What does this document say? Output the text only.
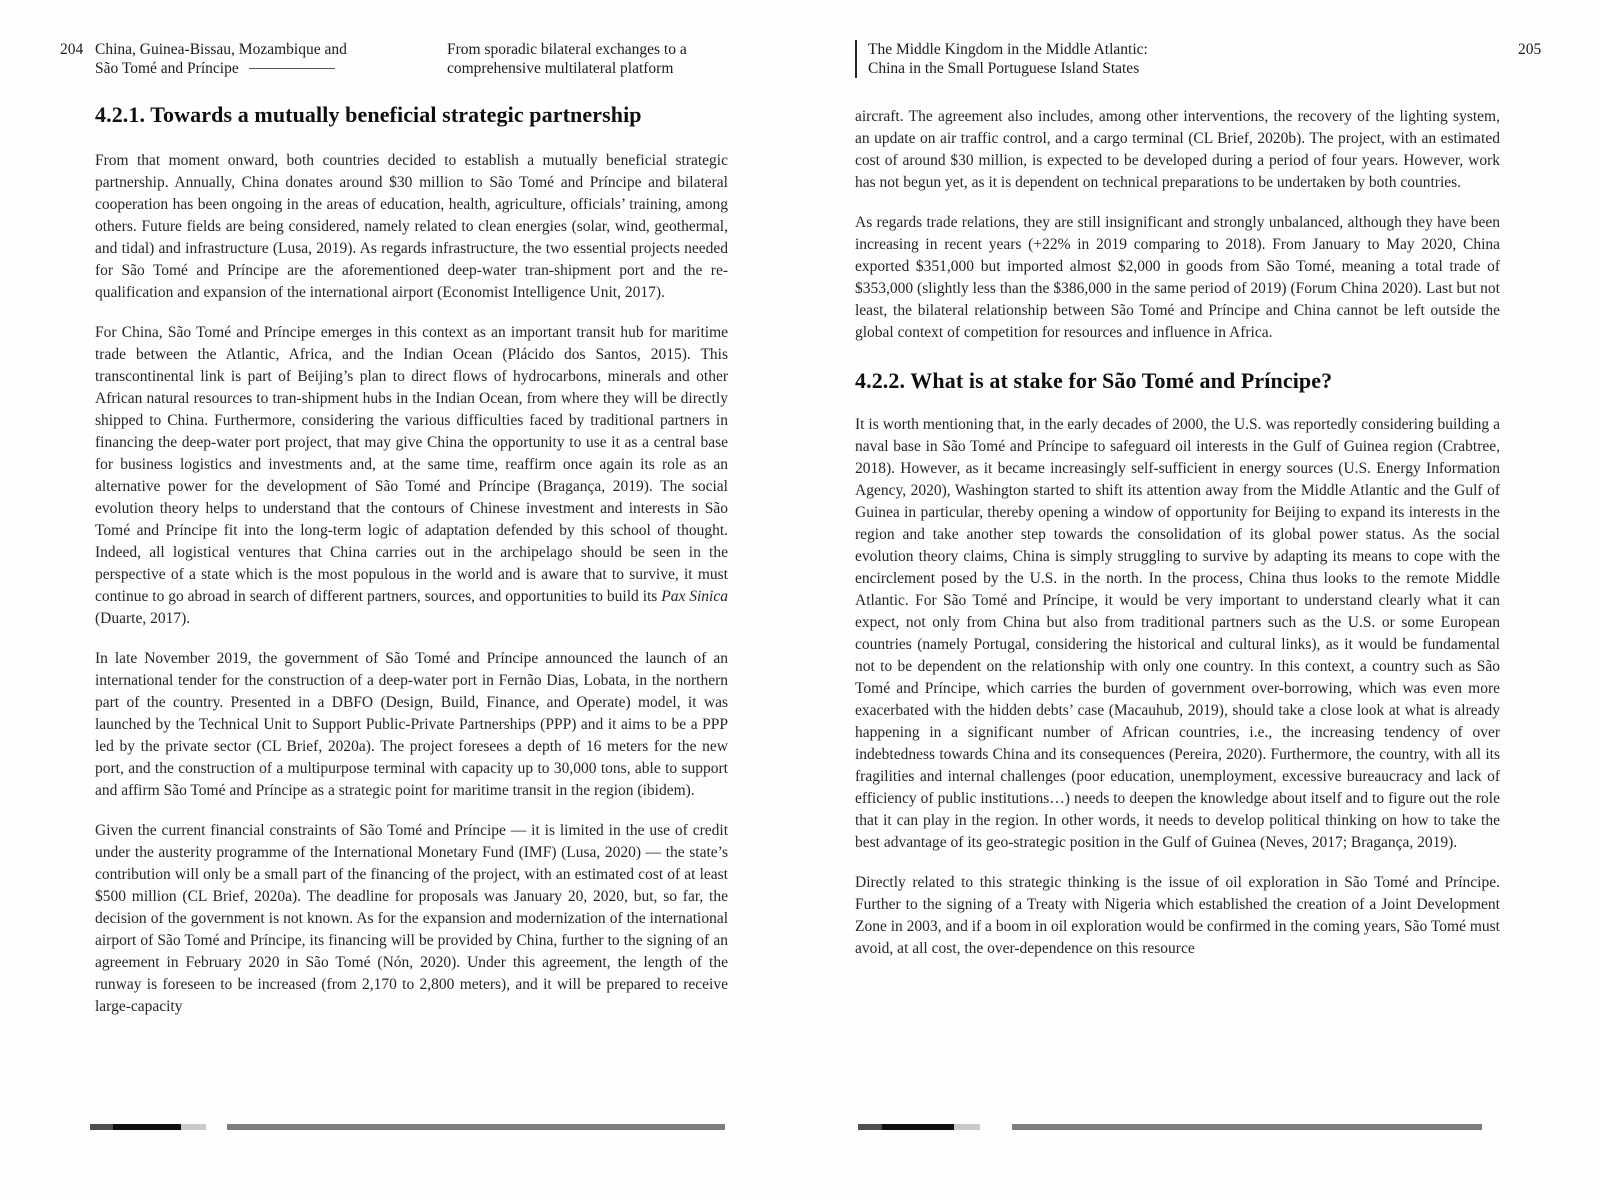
204 China, Guinea-Bissau, Mozambique and
São Tomé and Príncipe
From sporadic bilateral exchanges to a
comprehensive multilateral platform
4.2.1. Towards a mutually beneficial strategic partnership

From that moment onward, both countries decided to establish a mutually beneficial strategic partnership. Annually, China donates around $30 million to São Tomé and Príncipe and bilateral cooperation has been ongoing in the areas of education, health, agriculture, officials’ training, among others. Future fields are being considered, namely related to clean energies (solar, wind, geothermal, and tidal) and infrastructure (Lusa, 2019). As regards infrastructure, the two essential projects needed for São Tomé and Príncipe are the aforementioned deep-water tran-shipment port and the re-qualification and expansion of the international airport (Economist Intelligence Unit, 2017).

For China, São Tomé and Príncipe emerges in this context as an important transit hub for maritime trade between the Atlantic, Africa, and the Indian Ocean (Plácido dos Santos, 2015). This transcontinental link is part of Beijing’s plan to direct flows of hydrocarbons, minerals and other African natural resources to tran-shipment hubs in the Indian Ocean, from where they will be directly shipped to China. Furthermore, considering the various difficulties faced by traditional partners in financing the deep-water port project, that may give China the opportunity to use it as a central base for business logistics and investments and, at the same time, reaffirm once again its role as an alternative power for the development of São Tomé and Príncipe (Bragança, 2019). The social evolution theory helps to understand that the contours of Chinese investment and interests in São Tomé and Príncipe fit into the long-term logic of adaptation defended by this school of thought. Indeed, all logistical ventures that China carries out in the archipelago should be seen in the perspective of a state which is the most populous in the world and is aware that to survive, it must continue to go abroad in search of different partners, sources, and opportunities to build its Pax Sinica (Duarte, 2017).

In late November 2019, the government of São Tomé and Príncipe announced the launch of an international tender for the construction of a deep-water port in Fernão Dias, Lobata, in the northern part of the country. Presented in a DBFO (Design, Build, Finance, and Operate) model, it was launched by the Technical Unit to Support Public-Private Partnerships (PPP) and it aims to be a PPP led by the private sector (CL Brief, 2020a). The project foresees a depth of 16 meters for the new port, and the construction of a multipurpose terminal with capacity up to 30,000 tons, able to support and affirm São Tomé and Príncipe as a strategic point for maritime transit in the region (ibidem).

Given the current financial constraints of São Tomé and Príncipe — it is limited in the use of credit under the austerity programme of the International Monetary Fund (IMF) (Lusa, 2020) — the state’s contribution will only be a small part of the financing of the project, with an estimated cost of at least $500 million (CL Brief, 2020a). The deadline for proposals was January 20, 2020, but, so far, the decision of the government is not known. As for the expansion and modernization of the international airport of São Tomé and Príncipe, its financing will be provided by China, further to the signing of an agreement in February 2020 in São Tomé (Nón, 2020). Under this agreement, the length of the runway is foreseen to be increased (from 2,170 to 2,800 meters), and it will be prepared to receive large-capacity

The Middle Kingdom in the Middle Atlantic:
China in the Small Portuguese Island States
205

aircraft. The agreement also includes, among other interventions, the recovery of the lighting system, an update on air traffic control, and a cargo terminal (CL Brief, 2020b). The project, with an estimated cost of around $30 million, is expected to be developed during a period of four years. However, work has not begun yet, as it is dependent on technical preparations to be undertaken by both countries.

As regards trade relations, they are still insignificant and strongly unbalanced, although they have been increasing in recent years (+22% in 2019 comparing to 2018). From January to May 2020, China exported $351,000 but imported almost $2,000 in goods from São Tomé, meaning a total trade of $353,000 (slightly less than the $386,000 in the same period of 2019) (Forum China 2020). Last but not least, the bilateral relationship between São Tomé and Príncipe and China cannot be left outside the global context of competition for resources and influence in Africa.

4.2.2. What is at stake for São Tomé and Príncipe?

It is worth mentioning that, in the early decades of 2000, the U.S. was reportedly considering building a naval base in São Tomé and Príncipe to safeguard oil interests in the Gulf of Guinea region (Crabtree, 2018). However, as it became increasingly self-sufficient in energy sources (U.S. Energy Information Agency, 2020), Washington started to shift its attention away from the Middle Atlantic and the Gulf of Guinea in particular, thereby opening a window of opportunity for Beijing to expand its interests in the region and take another step towards the consolidation of its global power status. As the social evolution theory claims, China is simply struggling to survive by adapting its means to cope with the encirclement posed by the U.S. in the north. In the process, China thus looks to the remote Middle Atlantic. For São Tomé and Príncipe, it would be very important to understand clearly what it can expect, not only from China but also from traditional partners such as the U.S. or some European countries (namely Portugal, considering the historical and cultural links), as it would be fundamental not to be dependent on the relationship with only one country. In this context, a country such as São Tomé and Príncipe, which carries the burden of government over-borrowing, which was even more exacerbated with the hidden debts’ case (Macauhub, 2019), should take a close look at what is already happening in a significant number of African countries, i.e., the increasing tendency of over indebtedness towards China and its consequences (Pereira, 2020). Furthermore, the country, with all its fragilities and internal challenges (poor education, unemployment, excessive bureaucracy and lack of efficiency of public institutions…) needs to deepen the knowledge about itself and to figure out the role that it can play in the region. In other words, it needs to develop political thinking on how to take the best advantage of its geo-strategic position in the Gulf of Guinea (Neves, 2017; Bragança, 2019).

Directly related to this strategic thinking is the issue of oil exploration in São Tomé and Príncipe. Further to the signing of a Treaty with Nigeria which established the creation of a Joint Development Zone in 2003, and if a boom in oil exploration would be confirmed in the coming years, São Tomé must avoid, at all cost, the over-dependence on this resource
